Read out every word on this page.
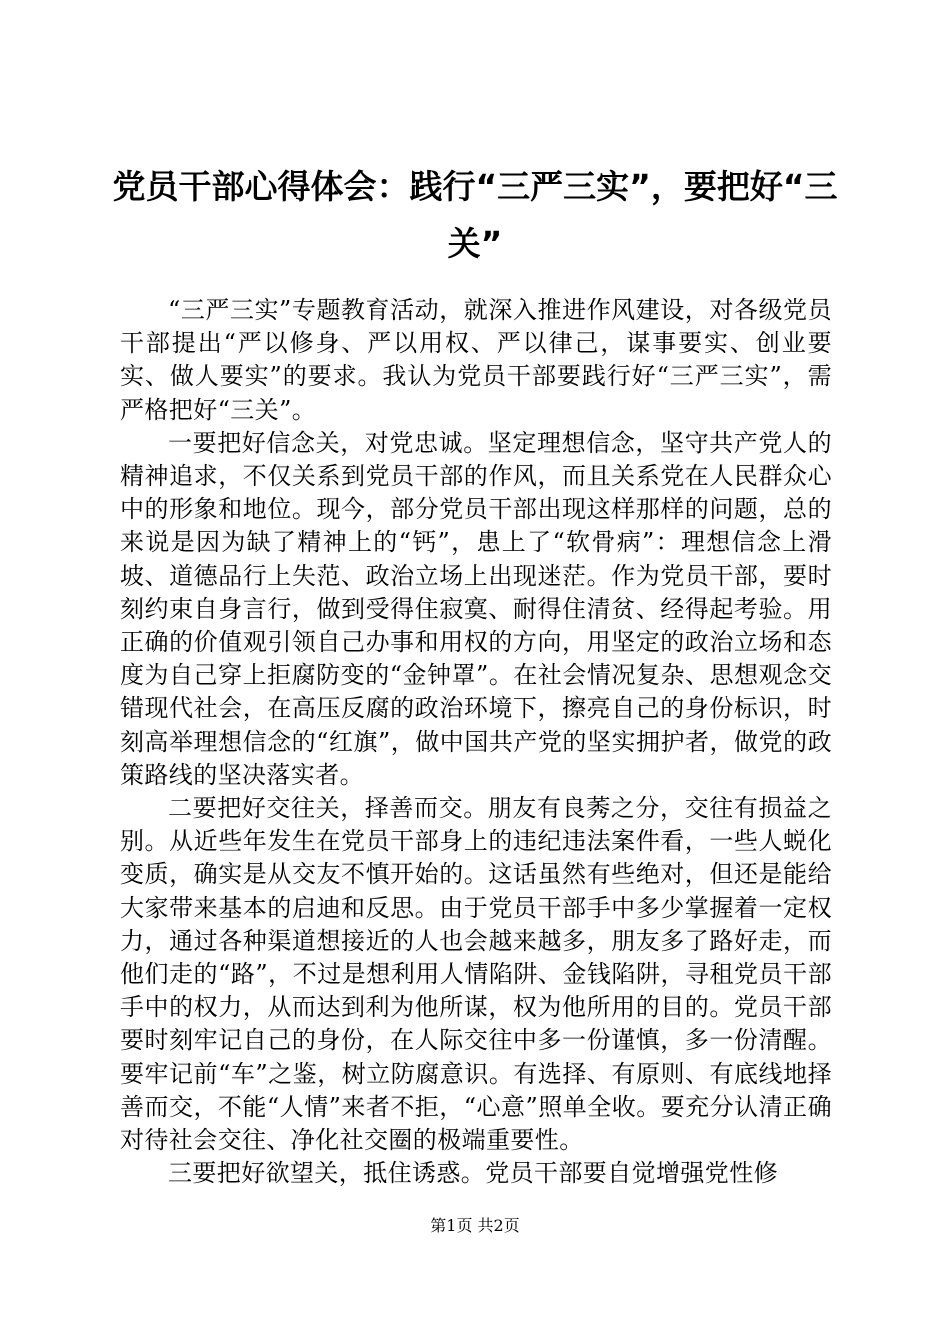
党员干部心得体会：践行“三严三实”，要把好“三关”

“三严三实”专题教育活动，就深入推进作风建设，对各级党员干部提出“严以修身、严以用权、严以律己，谋事要实、创业要实、做人要实”的要求。我认为党员干部要践行好“三严三实”，需严格把好“三关”。

一要把好信念关，对党忠诚。坚定理想信念，坚守共产党人的精神追求，不仅关系到党员干部的作风，而且关系党在人民群众心中的形象和地位。现今，部分党员干部出现这样那样的问题，总的来说是因为缺了精神上的“钙”，患上了“软骨病”：理想信念上滑坡、道德品行上失范、政治立场上出现迷茫。作为党员干部，要时刻约束自身言行，做到受得住寂寞、耐得住清贫、经得起考验。用正确的价值观引领自己办事和用权的方向，用坚定的政治立场和态度为自己穿上拒腐防变的“金钟罩”。在社会情况复杂、思想观念交错现代社会，在高压反腐的政治环境下，擦亮自己的身份标识，时刻高举理想信念的“红旗”，做中国共产党的坚实拥护者，做党的政策路线的坚决落实者。

二要把好交往关，择善而交。朋友有良莠之分，交往有损益之别。从近些年发生在党员干部身上的违纪违法案件看，一些人蜕化变质，确实是从交友不慎开始的。这话虽然有些绝对，但还是能给大家带来基本的启迪和反思。由于党员干部手中多少掌握着一定权力，通过各种渠道想接近的人也会越来越多，朋友多了路好走，而他们走的“路”，不过是想利用人情陷阱、金钱陷阱，寻租党员干部手中的权力，从而达到利为他所谋，权为他所用的目的。党员干部要时刻牢记自己的身份，在人际交往中多一份谨慎，多一份清醒。要牢记前“车”之鉴，树立防腐意识。有选择、有原则、有底线地择善而交，不能“人情”来者不拒，“心意”照单全收。要充分认清正确对待社会交往、净化社交圈的极端重要性。

三要把好欲望关，抵住诱惑。党员干部要自觉增强党性修

第1页 共2页
